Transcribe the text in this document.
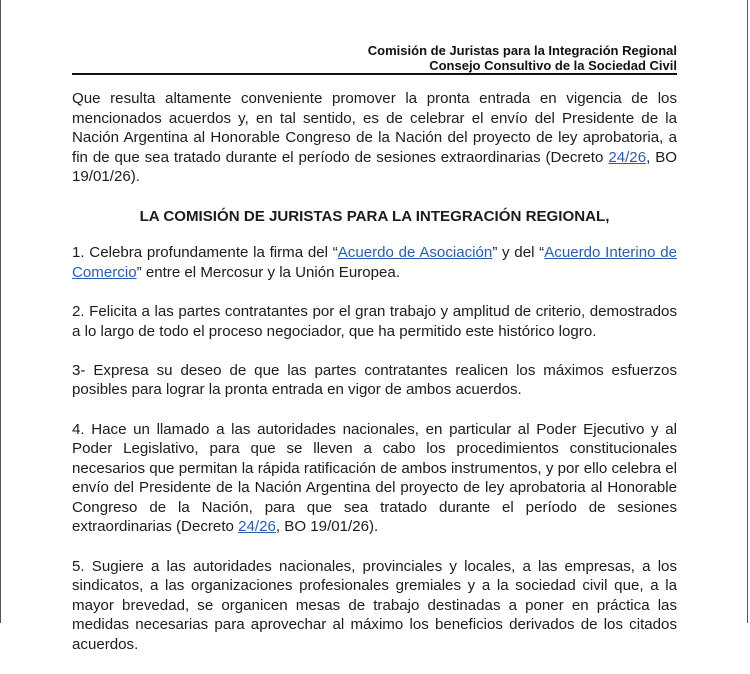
Comisión de Juristas para la Integración Regional
Consejo Consultivo de la Sociedad Civil

Que resulta altamente conveniente promover la pronta entrada en vigencia de los mencionados acuerdos y, en tal sentido, es de celebrar el envío del Presidente de la Nación Argentina al Honorable Congreso de la Nación del proyecto de ley aprobatoria, a fin de que sea tratado durante el período de sesiones extraordinarias (Decreto 24/26, BO 19/01/26).

LA COMISIÓN DE JURISTAS PARA LA INTEGRACIÓN REGIONAL,

1. Celebra profundamente la firma del “Acuerdo de Asociación” y del “Acuerdo Interino de Comercio” entre el Mercosur y la Unión Europea.

2. Felicita a las partes contratantes por el gran trabajo y amplitud de criterio, demostrados a lo largo de todo el proceso negociador, que ha permitido este histórico logro.

3- Expresa su deseo de que las partes contratantes realicen los máximos esfuerzos posibles para lograr la pronta entrada en vigor de ambos acuerdos.

4. Hace un llamado a las autoridades nacionales, en particular al Poder Ejecutivo y al Poder Legislativo, para que se lleven a cabo los procedimientos constitucionales necesarios que permitan la rápida ratificación de ambos instrumentos, y por ello celebra el envío del Presidente de la Nación Argentina del proyecto de ley aprobatoria al Honorable Congreso de la Nación, para que sea tratado durante el período de sesiones extraordinarias (Decreto 24/26, BO 19/01/26).

5. Sugiere a las autoridades nacionales, provinciales y locales, a las empresas, a los sindicatos, a las organizaciones profesionales gremiales y a la sociedad civil que, a la mayor brevedad, se organicen mesas de trabajo destinadas a poner en práctica las medidas necesarias para aprovechar al máximo los beneficios derivados de los citados acuerdos.
